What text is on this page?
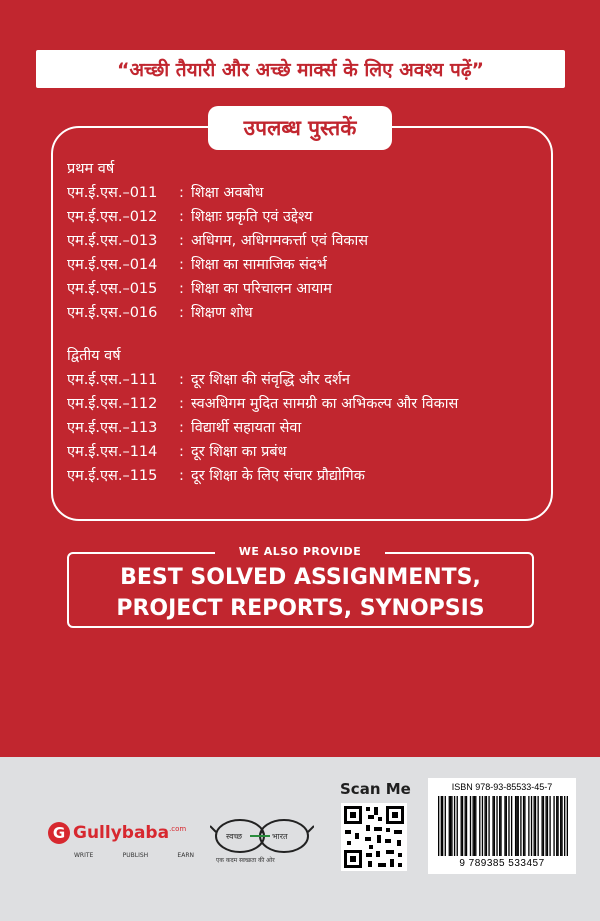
“अच्छी तैयारी और अच्छे मार्क्स के लिए अवश्य पढ़ें”
उपलब्ध पुस्तकें
प्रथम वर्ष
एम.ई.एस.–011	: शिक्षा अवबोध
एम.ई.एस.–012	: शिक्षाः प्रकृति एवं उद्देश्य
एम.ई.एस.–013	: अधिगम, अधिगमकर्त्ता एवं विकास
एम.ई.एस.–014	: शिक्षा का सामाजिक संदर्भ
एम.ई.एस.–015	: शिक्षा का परिचालन आयाम
एम.ई.एस.–016	: शिक्षण शोध
द्वितीय वर्ष
एम.ई.एस.–111	: दूर शिक्षा की संवृद्धि और दर्शन
एम.ई.एस.–112	: स्वअधिगम मुदित सामग्री का अभिकल्प और विकास
एम.ई.एस.–113	: विद्यार्थी सहायता सेवा
एम.ई.एस.–114	: दूर शिक्षा का प्रबंध
एम.ई.एस.–115	: दूर शिक्षा के लिए संचार प्रौद्योगिक
WE ALSO PROVIDE
BEST SOLVED ASSIGNMENTS,
PROJECT REPORTS, SYNOPSIS
G Gullybaba .com
WRITE	PUBLISH	EARN
स्वच्छ	भारत
एक कदम स्वच्छता की ओर
Scan Me	ISBN 978-93-85533-45-7
9 789385 533457
